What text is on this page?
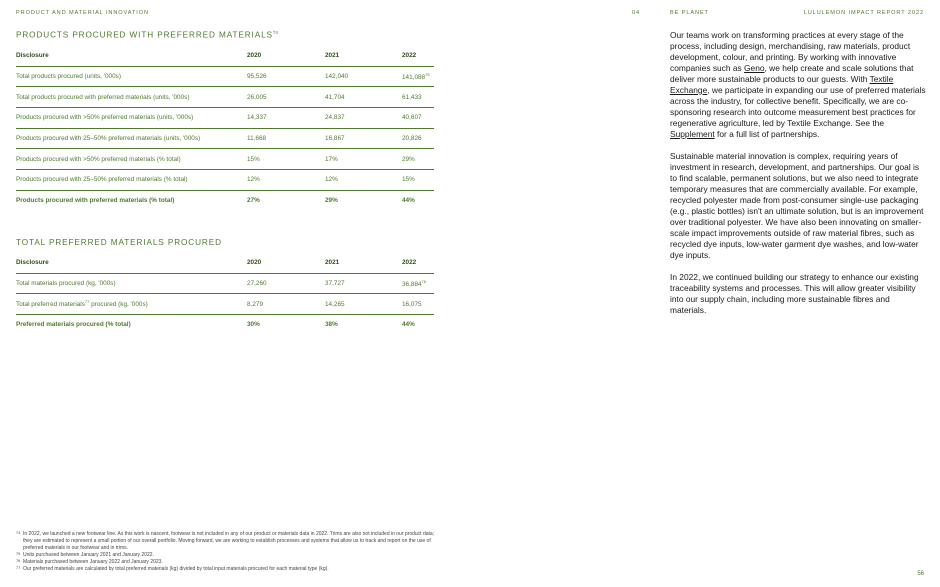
PRODUCT AND MATERIAL INNOVATION	04	BE PLANET	LULULEMON IMPACT REPORT 2022
PRODUCTS PROCURED WITH PREFERRED MATERIALS$^{74}$
Disclosure	2020	2021	2022
Total products procured (units, '000s)	95,526	142,040	141,088$^{75}$
Total products procured with preferred materials (units, '000s)	26,005	41,704	61,433
Products procured with >50% preferred materials (units, '000s)	14,337	24,837	40,607
Products procured with 25–50% preferred materials (units, '000s)	11,668	16,867	20,826
Products procured with >50% preferred materials (% total)	15%	17%	29%
Products procured with 25–50% preferred materials (% total)	12%	12%	15%
Products procured with preferred materials (% total)	27%	29%	44%
TOTAL PREFERRED MATERIALS PROCURED
Disclosure	2020	2021	2022
Total materials procured (kg, '000s)	27,260	37,727	36,884$^{76}$
Total preferred materials$^{77}$ procured (kg, '000s)	8,279	14,265	16,075
Preferred materials procured (% total)	30%	38%	44%

Our teams work on transforming practices at every stage of the process, including design, merchandising, raw materials, product development, colour, and printing. By working with innovative companies such as Geno, we help create and scale solutions that deliver more sustainable products to our guests. With Textile Exchange, we participate in expanding our use of preferred materials across the industry, for collective benefit. Specifically, we are co-sponsoring research into outcome measurement best practices for regenerative agriculture, led by Textile Exchange. See the Supplement for a full list of partnerships.

Sustainable material innovation is complex, requiring years of investment in research, development, and partnerships. Our goal is to find scalable, permanent solutions, but we also need to integrate temporary measures that are commercially available. For example, recycled polyester made from post-consumer single-use packaging (e.g., plastic bottles) isn't an ultimate solution, but is an improvement over traditional polyester. We have also been innovating on smaller-scale impact improvements outside of raw material fibres, such as recycled dye inputs, low-water garment dye washes, and low-water dye inputs.

In 2022, we continued building our strategy to enhance our existing traceability systems and processes. This will allow greater visibility into our supply chain, including more sustainable fibres and materials.

74 In 2022, we launched a new footwear line. As this work is nascent, footwear is not included in any of our product or materials data in 2022. Trims are also not included in our product data; they are estimated to represent a small portion of our overall portfolio. Moving forward, we are working to establish processes and systems that allow us to track and report on the use of preferred materials in our footwear and in trims.
75 Units purchased between January 2021 and January 2022.
76 Materials purchased between January 2022 and January 2023.
77 Our preferred materials are calculated by total preferred materials (kg) divided by total input materials procured for each material type (kg).
56
